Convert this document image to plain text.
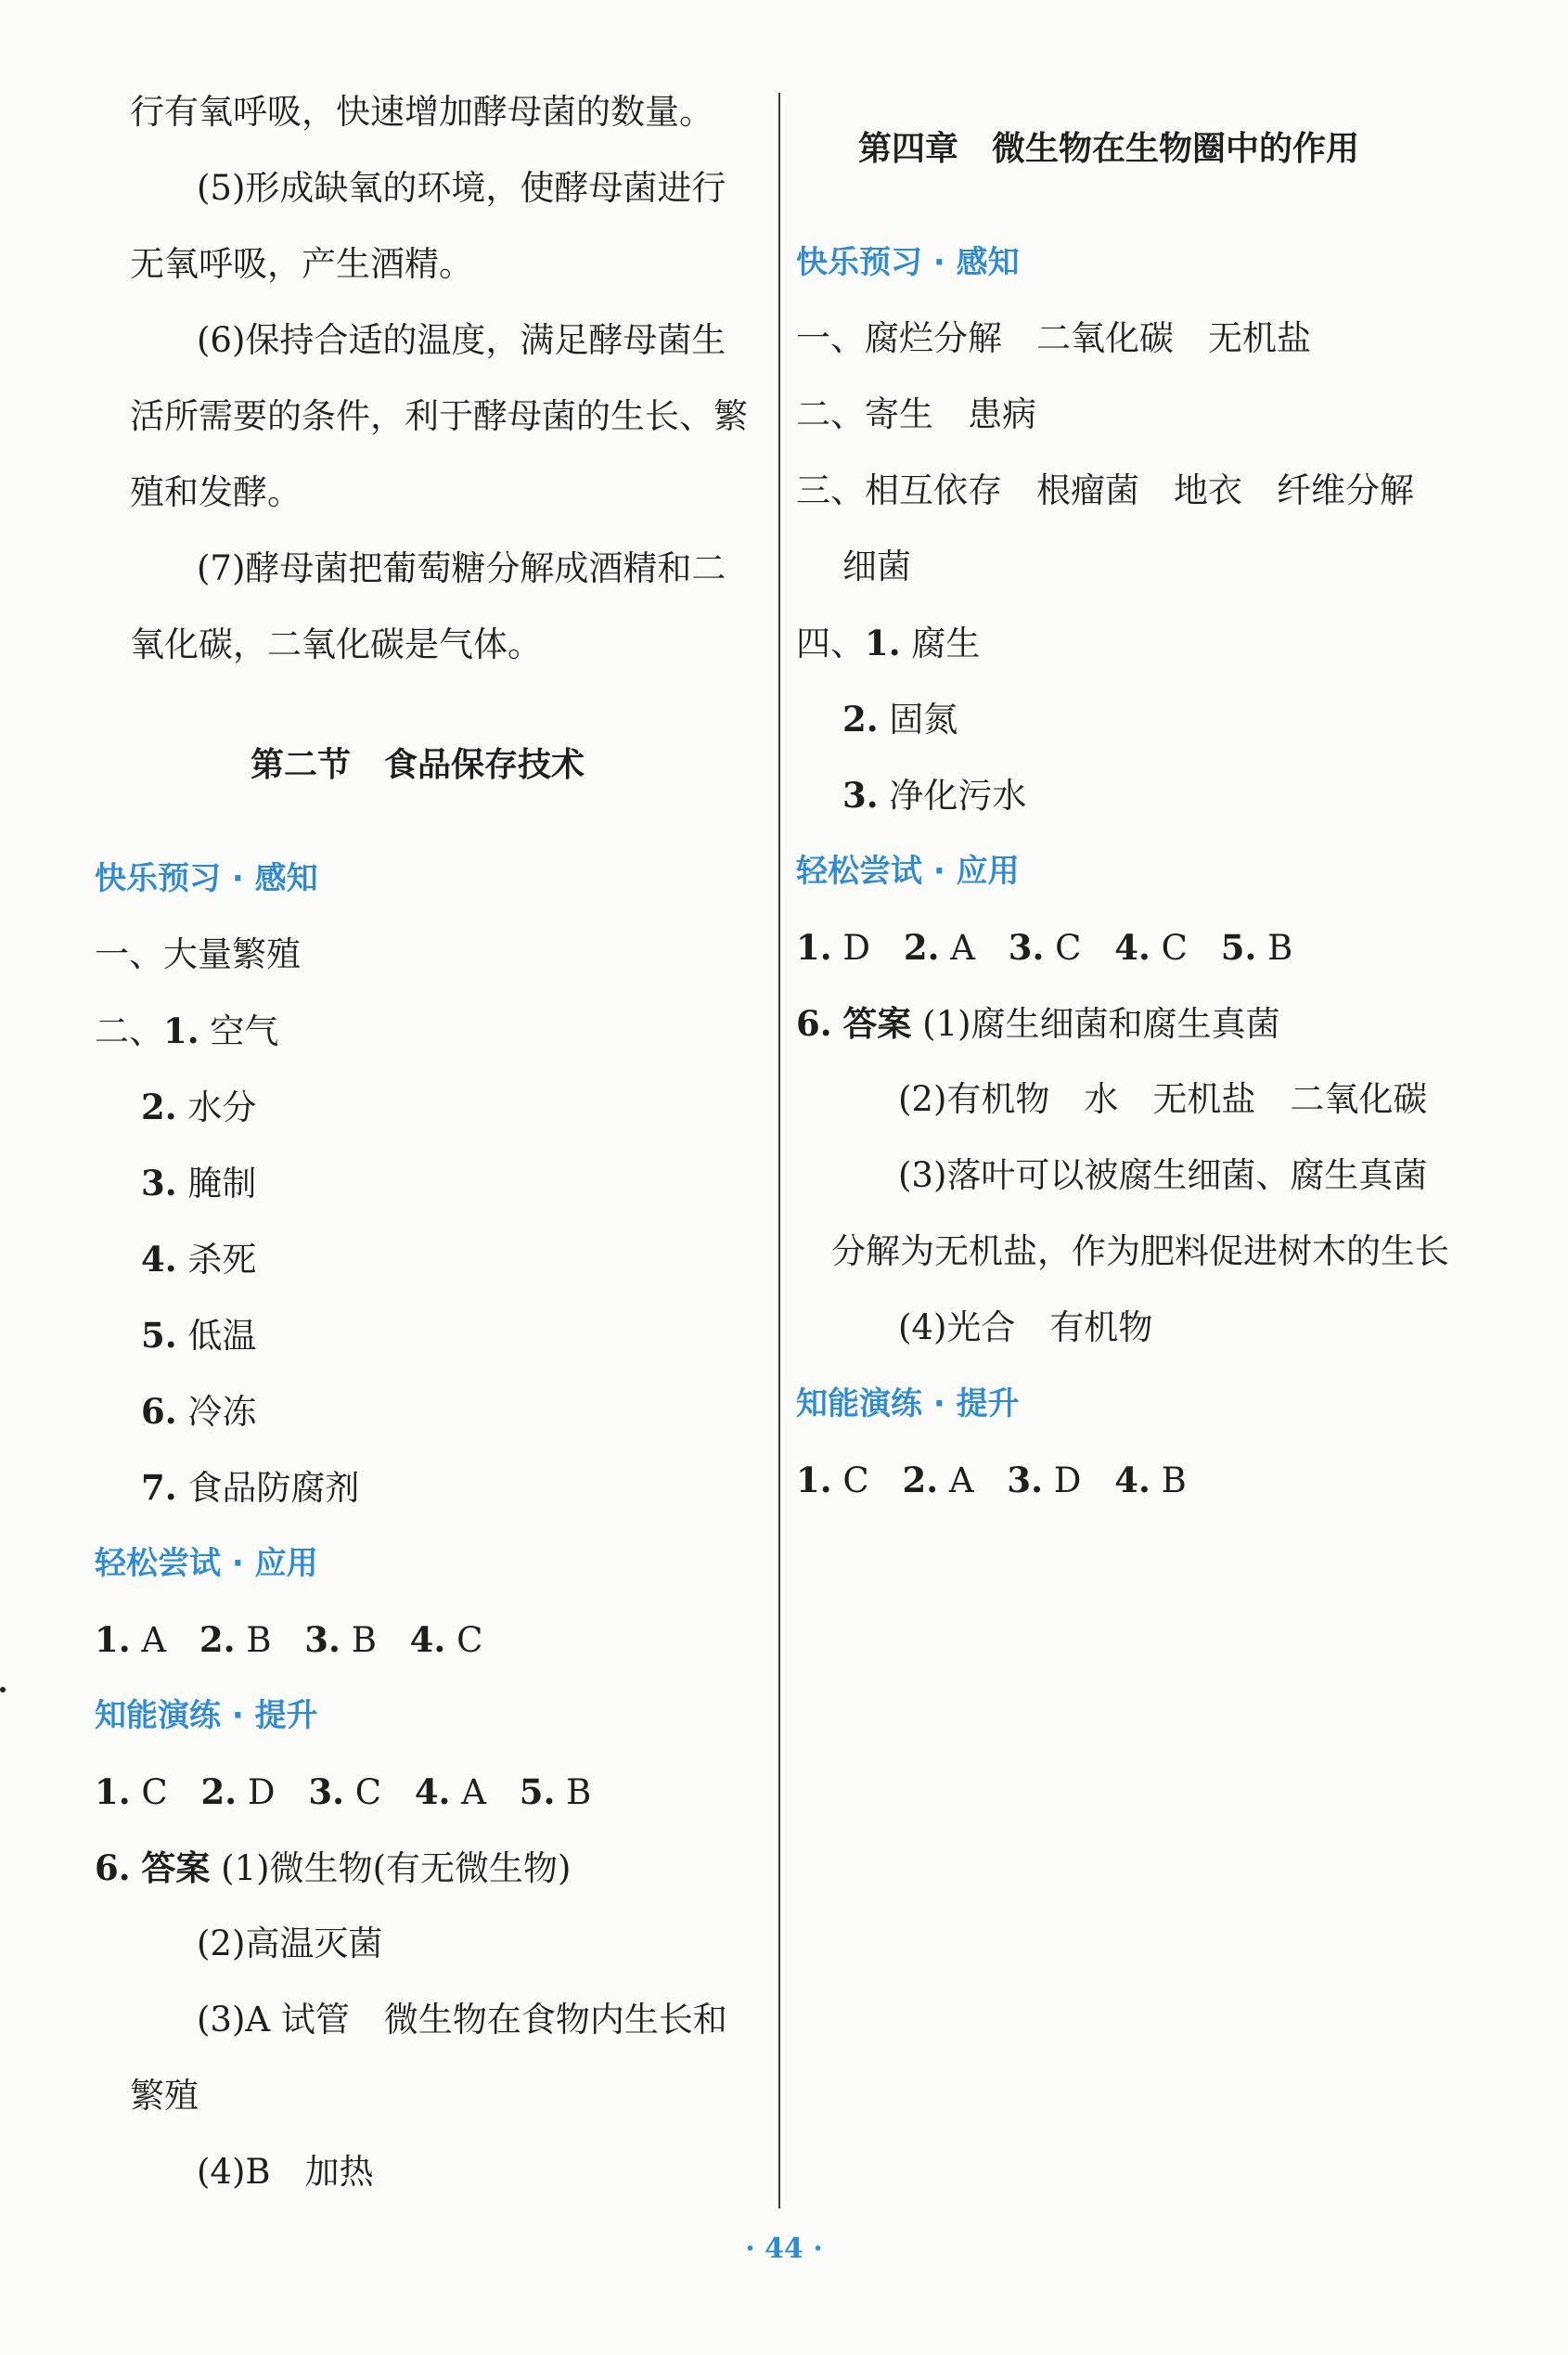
行有氧呼吸，快速增加酵母菌的数量。
(5)形成缺氧的环境，使酵母菌进行
无氧呼吸，产生酒精。
(6)保持合适的温度，满足酵母菌生
活所需要的条件，利于酵母菌的生长、繁
殖和发酵。
(7)酵母菌把葡萄糖分解成酒精和二
氧化碳，二氧化碳是气体。
第二节　食品保存技术
快乐预习 · 感知
一、大量繁殖
二、1. 空气
2. 水分
3. 腌制
4. 杀死
5. 低温
6. 冷冻
7. 食品防腐剂
轻松尝试 · 应用
1. A 2. B 3. B 4. C
知能演练 · 提升
1. C 2. D 3. C 4. A 5. B
6. 答案 (1)微生物(有无微生物)
(2)高温灭菌
(3)A 试管　微生物在食物内生长和
繁殖
(4)B　加热
第四章　微生物在生物圈中的作用
快乐预习 · 感知
一、腐烂分解　二氧化碳　无机盐
二、寄生　患病
三、相互依存　根瘤菌　地衣　纤维分解
细菌
四、1. 腐生
2. 固氮
3. 净化污水
轻松尝试 · 应用
1. D 2. A 3. C 4. C 5. B
6. 答案 (1)腐生细菌和腐生真菌
(2)有机物　水　无机盐　二氧化碳
(3)落叶可以被腐生细菌、腐生真菌
分解为无机盐，作为肥料促进树木的生长
(4)光合　有机物
知能演练 · 提升
1. C 2. A 3. D 4. B
· 44 ·
